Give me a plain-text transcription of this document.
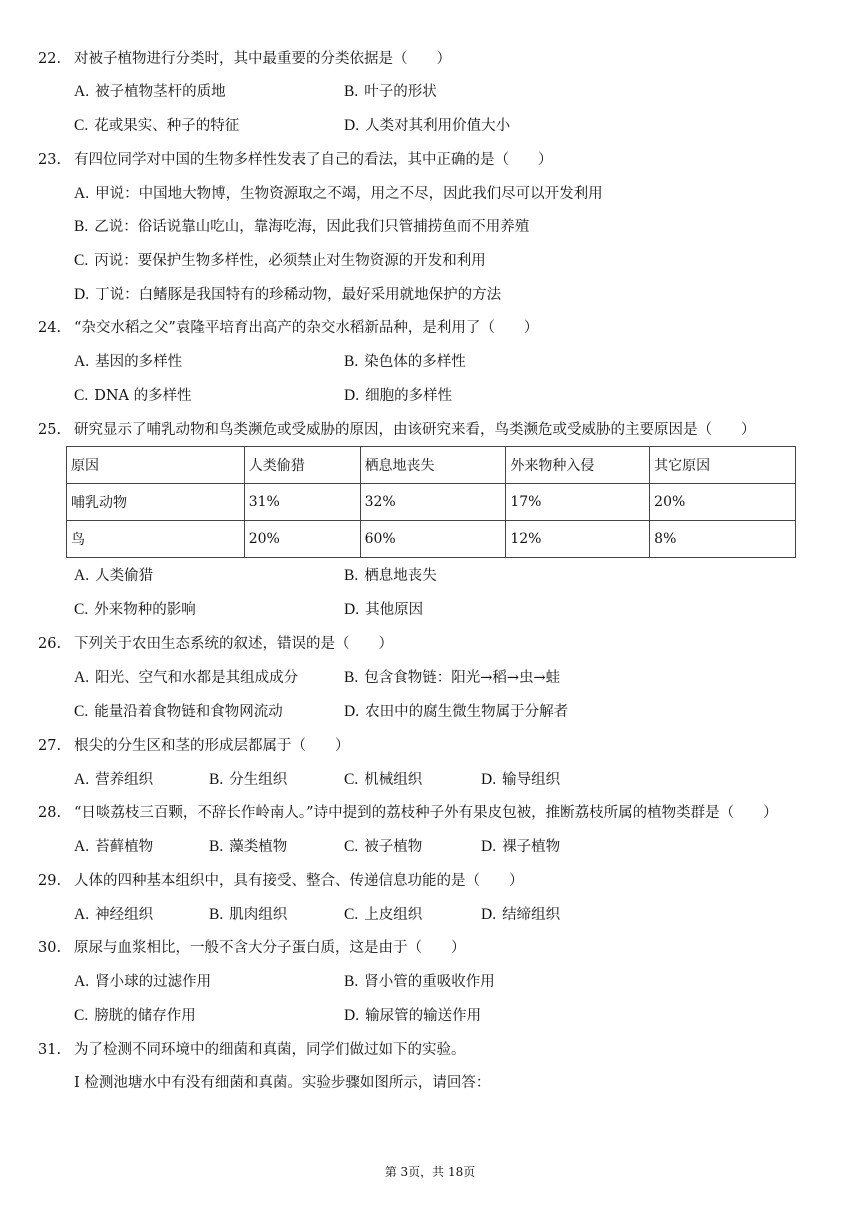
22. 对被子植物进行分类时，其中最重要的分类依据是（　　）
A. 被子植物茎杆的质地	B. 叶子的形状
C. 花或果实、种子的特征	D. 人类对其利用价值大小
23. 有四位同学对中国的生物多样性发表了自己的看法，其中正确的是（　　）
A. 甲说：中国地大物博，生物资源取之不竭，用之不尽，因此我们尽可以开发利用
B. 乙说：俗话说靠山吃山，靠海吃海，因此我们只管捕捞鱼而不用养殖
C. 丙说：要保护生物多样性，必须禁止对生物资源的开发和利用
D. 丁说：白鳍豚是我国特有的珍稀动物，最好采用就地保护的方法
24. “杂交水稻之父”袁隆平培育出高产的杂交水稻新品种，是利用了（　　）
A. 基因的多样性	B. 染色体的多样性
C. DNA 的多样性	D. 细胞的多样性
25. 研究显示了哺乳动物和鸟类濒危或受威胁的原因，由该研究来看，鸟类濒危或受威胁的主要原因是（　　）
原因	人类偷猎	栖息地丧失	外来物种入侵	其它原因
哺乳动物	31%	32%	17%	20%
鸟	20%	60%	12%	8%
A. 人类偷猎	B. 栖息地丧失
C. 外来物种的影响	D. 其他原因
26. 下列关于农田生态系统的叙述，错误的是（　　）
A. 阳光、空气和水都是其组成成分	B. 包含食物链：阳光→稻→虫→蛙
C. 能量沿着食物链和食物网流动	D. 农田中的腐生微生物属于分解者
27. 根尖的分生区和茎的形成层都属于（　　）
A. 营养组织	B. 分生组织	C. 机械组织	D. 输导组织
28. “日啖荔枝三百颗，不辞长作岭南人。”诗中提到的荔枝种子外有果皮包被，推断荔枝所属的植物类群是（　　）
A. 苔藓植物	B. 藻类植物	C. 被子植物	D. 裸子植物
29. 人体的四种基本组织中，具有接受、整合、传递信息功能的是（　　）
A. 神经组织	B. 肌肉组织	C. 上皮组织	D. 结缔组织
30. 原尿与血浆相比，一般不含大分子蛋白质，这是由于（　　）
A. 肾小球的过滤作用	B. 肾小管的重吸收作用
C. 膀胱的储存作用	D. 输尿管的输送作用
31. 为了检测不同环境中的细菌和真菌，同学们做过如下的实验。
I 检测池塘水中有没有细菌和真菌。实验步骤如图所示，请回答：
第 3页，共 18页
